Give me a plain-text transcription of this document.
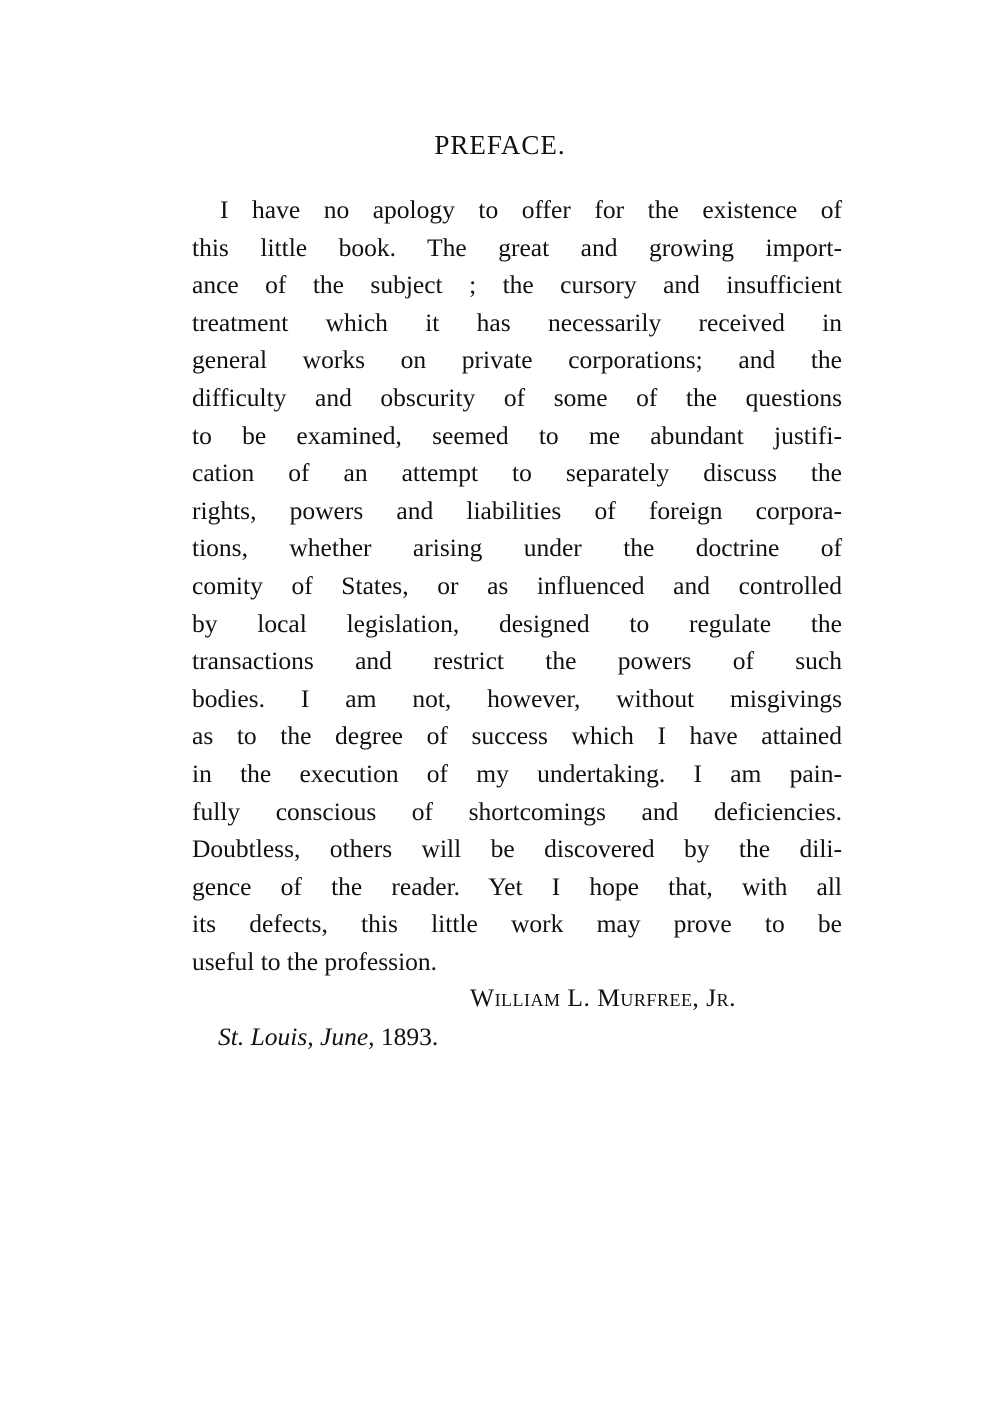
PREFACE.
I have no apology to offer for the existence of
this little book. The great and growing import-
ance of the subject ; the cursory and insufficient
treatment which it has necessarily received in
general works on private corporations; and the
difficulty and obscurity of some of the questions
to be examined, seemed to me abundant justifi-
cation of an attempt to separately discuss the
rights, powers and liabilities of foreign corpora-
tions, whether arising under the doctrine of
comity of States, or as influenced and controlled
by local legislation, designed to regulate the
transactions and restrict the powers of such
bodies. I am not, however, without misgivings
as to the degree of success which I have attained
in the execution of my undertaking. I am pain-
fully conscious of shortcomings and deficiencies.
Doubtless, others will be discovered by the dili-
gence of the reader. Yet I hope that, with all
its defects, this little work may prove to be
useful to the profession.

William L. Murfree, Jr.

St. Louis, June, 1893.
